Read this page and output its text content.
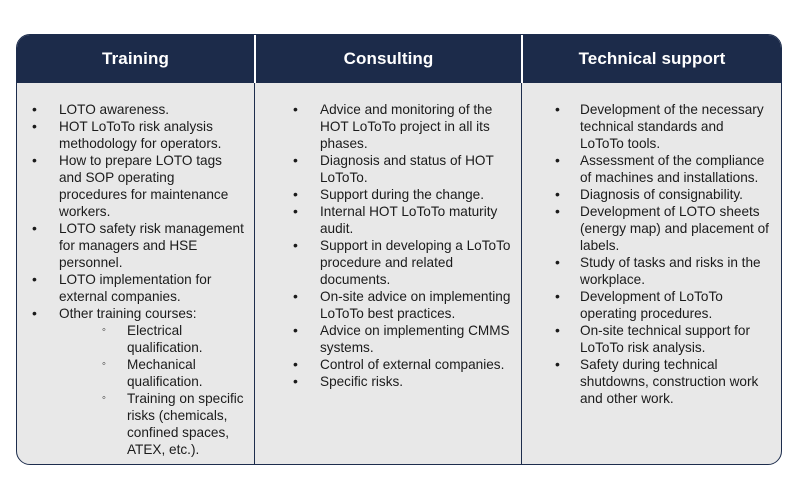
Training	Consulting	Technical support
• LOTO awareness.
• HOT LoToTo risk analysis methodology for operators.
• How to prepare LOTO tags and SOP operating procedures for maintenance workers.
• LOTO safety risk management for managers and HSE personnel.
• LOTO implementation for external companies.
• Other training courses:
◦ Electrical qualification.
◦ Mechanical qualification.
◦ Training on specific risks (chemicals, confined spaces, ATEX, etc.).
• Advice and monitoring of the HOT LoToTo project in all its phases.
• Diagnosis and status of HOT LoToTo.
• Support during the change.
• Internal HOT LoToTo maturity audit.
• Support in developing a LoToTo procedure and related documents.
• On-site advice on implementing LoToTo best practices.
• Advice on implementing CMMS systems.
• Control of external companies.
• Specific risks.
• Development of the necessary technical standards and LoToTo tools.
• Assessment of the compliance of machines and installations.
• Diagnosis of consignability.
• Development of LOTO sheets (energy map) and placement of labels.
• Study of tasks and risks in the workplace.
• Development of LoToTo operating procedures.
• On-site technical support for LoToTo risk analysis.
• Safety during technical shutdowns, construction work and other work.
